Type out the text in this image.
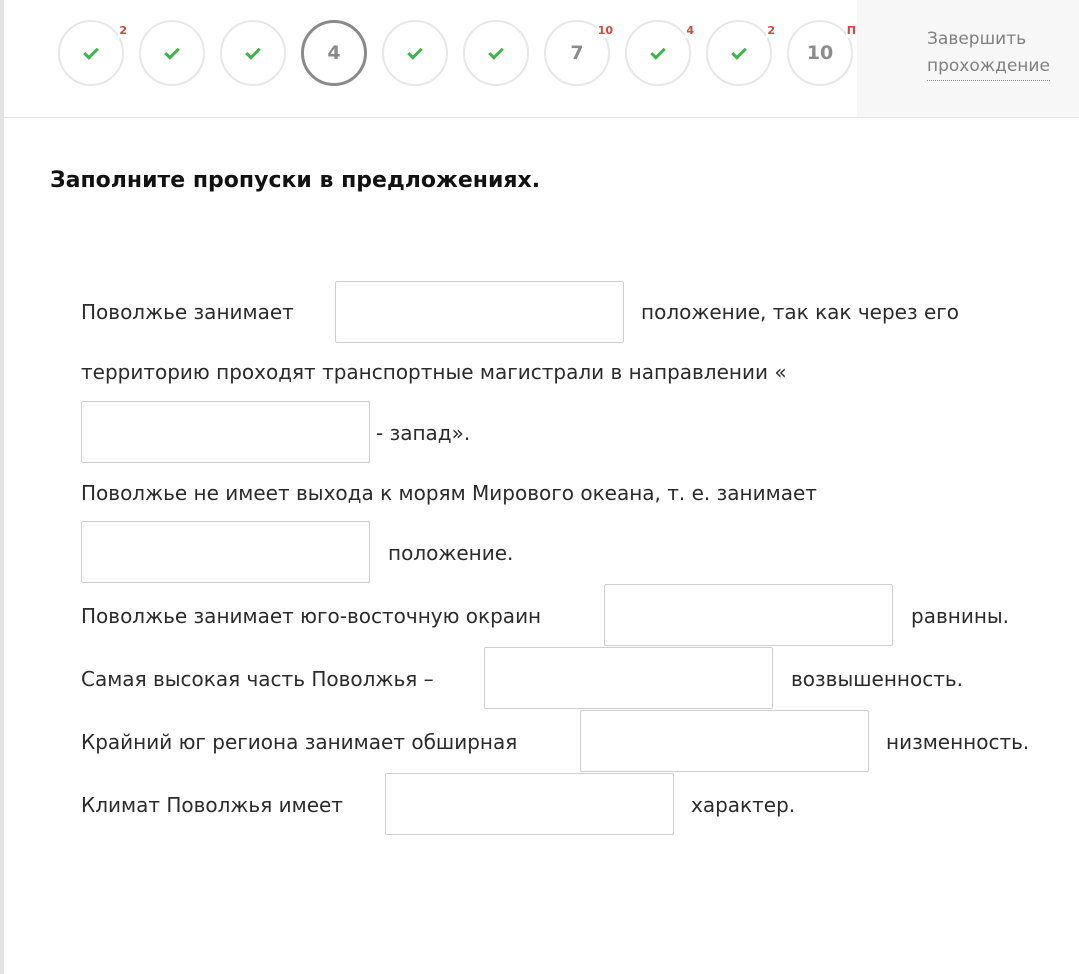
2
4	7
10	4	2
10
П	Завершить
прохождение
Заполните пропуски в предложениях.
Поволжье занимает	положение, так как через его
территорию проходят транспортные магистрали в направлении «
- запад».
Поволжье не имеет выхода к морям Мирового океана, т. е. занимает
положение.
Поволжье занимает юго-восточную окраин	равнины.
Самая высокая часть Поволжья –	возвышенность.
Крайний юг региона занимает обширная	низменность.
Климат Поволжья имеет	характер.
